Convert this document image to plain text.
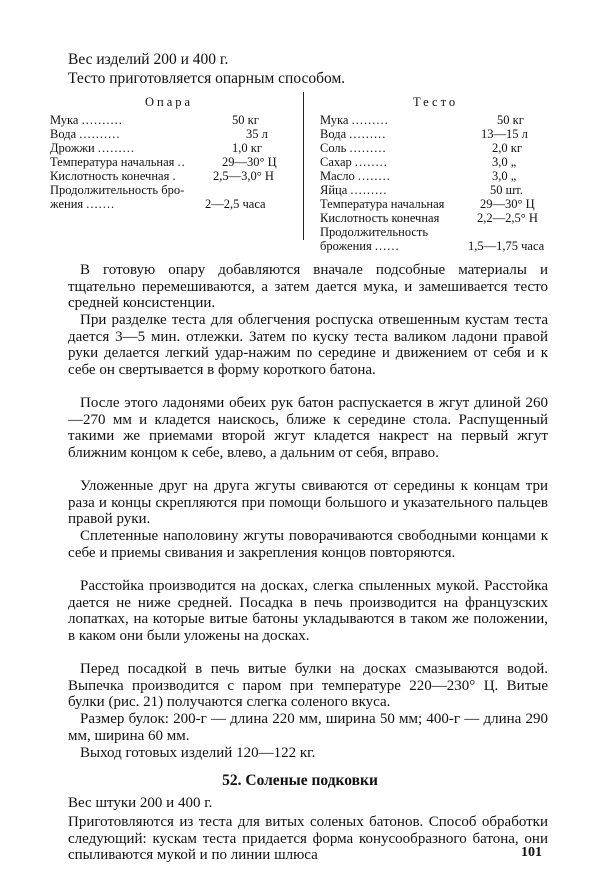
Вес изделий 200 и 400 г.

Тесто приготовляется опарным способом.

Опара
Мука ..........	50 кг
Вода ..........	35 л
Дрожжи .........	1,0 кг
Температура начальная ..	29—30° Ц
Кислотность конечная .	2,5—3,0° Н
Продолжительность бро-
жения .......	2—2,5 часа
Тесто
Мука .........	50 кг
Вода .........	13—15 л
Соль .........	2,0 кг
Сахар ........	3,0 „
Масло ........	3,0 „
Яйца .........	50 шт.
Температура начальная	29—30° Ц
Кислотность конечная	2,2—2,5° Н
Продолжительность
брожения ......	1,5—1,75 часа

В готовую опару добавляются вначале подсобные материалы и тщательно перемешиваются, а затем дается мука, и замешивается тесто средней консистенции.

При разделке теста для облегчения роспуска отвешенным кустам теста дается 3—5 мин. отлежки. Затем по куску теста валиком ладони правой руки делается легкий удар-нажим по середине и движением от себя и к себе он свертывается в форму короткого батона.

После этого ладонями обеих рук батон распускается в жгут длиной 260—270 мм и кладется наискось, ближе к середине стола. Распущенный такими же приемами второй жгут кладется накрест на первый жгут ближним концом к себе, влево, а дальним от себя, вправо.

Уложенные друг на друга жгуты свиваются от середины к концам три раза и концы скрепляются при помощи большого и указательного пальцев правой руки.

Сплетенные наполовину жгуты поворачиваются свободными концами к себе и приемы свивания и закрепления концов повторяются.

Расстойка производится на досках, слегка спыленных мукой. Расстойка дается не ниже средней. Посадка в печь производится на французских лопатках, на которые витые батоны укладываются в таком же положении, в каком они были уложены на досках.

Перед посадкой в печь витые булки на досках смазываются водой. Выпечка производится с паром при температуре 220—230° Ц. Витые булки (рис. 21) получаются слегка соленого вкуса.

Размер булок: 200-г — длина 220 мм, ширина 50 мм; 400-г — длина 290 мм, ширина 60 мм.

Выход готовых изделий 120—122 кг.

52. Соленые подковки

Вес штуки 200 и 400 г.

Приготовляются из теста для витых соленых батонов. Способ обработки следующий: кускам теста придается форма конусообразного батона, они спыливаются мукой и по линии шлюса	101
